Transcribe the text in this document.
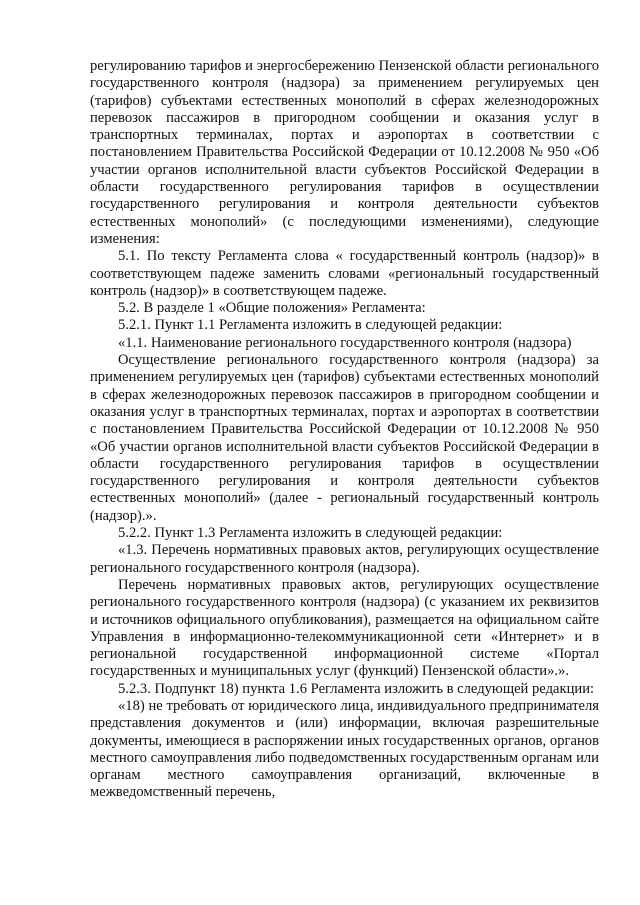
регулированию тарифов и энергосбережению Пензенской области регионального государственного контроля (надзора) за применением регулируемых цен (тарифов) субъектами естественных монополий в сферах железнодорожных перевозок пассажиров в пригородном сообщении и оказания услуг в транспортных терминалах, портах и аэропортах в соответствии с постановлением Правительства Российской Федерации от 10.12.2008 № 950 «Об участии органов исполнительной власти субъектов Российской Федерации в области государственного регулирования тарифов в осуществлении государственного регулирования и контроля деятельности субъектов естественных монополий» (с последующими изменениями), следующие изменения:

5.1. По тексту Регламента слова « государственный контроль (надзор)» в соответствующем падеже заменить словами «региональный государственный контроль (надзор)» в соответствующем падеже.

5.2. В разделе 1 «Общие положения» Регламента:

5.2.1. Пункт 1.1 Регламента изложить в следующей редакции:

«1.1. Наименование регионального государственного контроля (надзора)

Осуществление регионального государственного контроля (надзора) за применением регулируемых цен (тарифов) субъектами естественных монополий в сферах железнодорожных перевозок пассажиров в пригородном сообщении и оказания услуг в транспортных терминалах, портах и аэропортах в соответствии с постановлением Правительства Российской Федерации от 10.12.2008 № 950 «Об участии органов исполнительной власти субъектов Российской Федерации в области государственного регулирования тарифов в осуществлении государственного регулирования и контроля деятельности субъектов естественных монополий» (далее - региональный государственный контроль (надзор).».

5.2.2. Пункт 1.3 Регламента изложить в следующей редакции:

«1.3. Перечень нормативных правовых актов, регулирующих осуществление регионального государственного контроля (надзора).

Перечень нормативных правовых актов, регулирующих осуществление регионального государственного контроля (надзора) (с указанием их реквизитов и источников официального опубликования), размещается на официальном сайте Управления в информационно-телекоммуникационной сети «Интернет» и в региональной государственной информационной системе «Портал государственных и муниципальных услуг (функций) Пензенской области».».

5.2.3. Подпункт 18) пункта 1.6 Регламента изложить в следующей редакции:

«18) не требовать от юридического лица, индивидуального предпринимателя представления документов и (или) информации, включая разрешительные документы, имеющиеся в распоряжении иных государственных органов, органов местного самоуправления либо подведомственных государственным органам или органам местного самоуправления организаций, включенные в межведомственный перечень,
